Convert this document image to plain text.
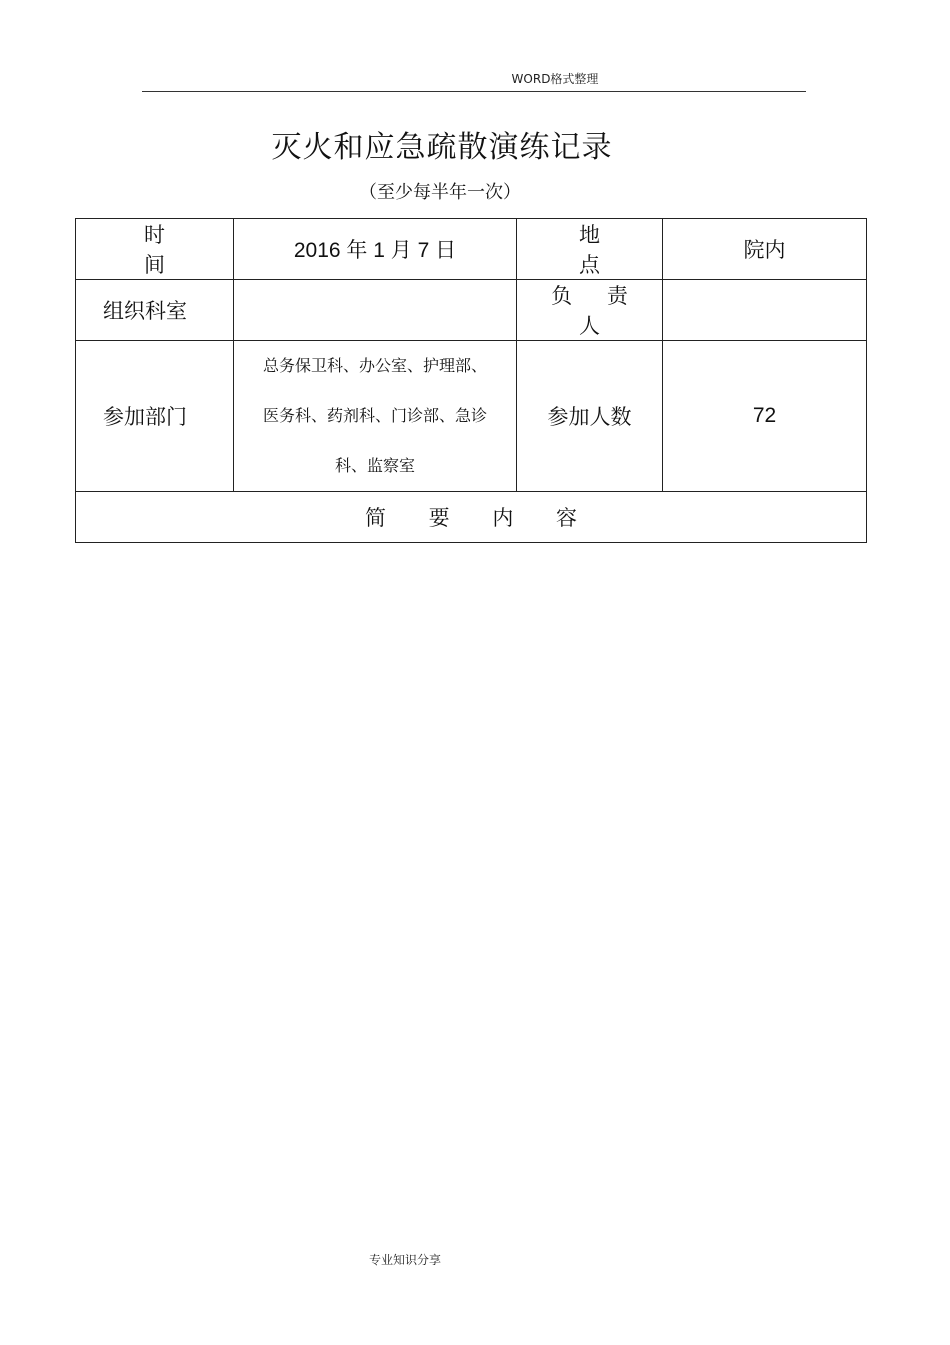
WORD格式整理
灭火和应急疏散演练记录
（至少每半年一次）
时 间	2016 年 1 月 7 日	地 点	院内
组织科室		负 责 人	
参加部门	总务保卫科、办公室、护理部、
医务科、药剂科、门诊部、急诊
科、监察室	参加人数	72
简 要 内 容			
专业知识分享
